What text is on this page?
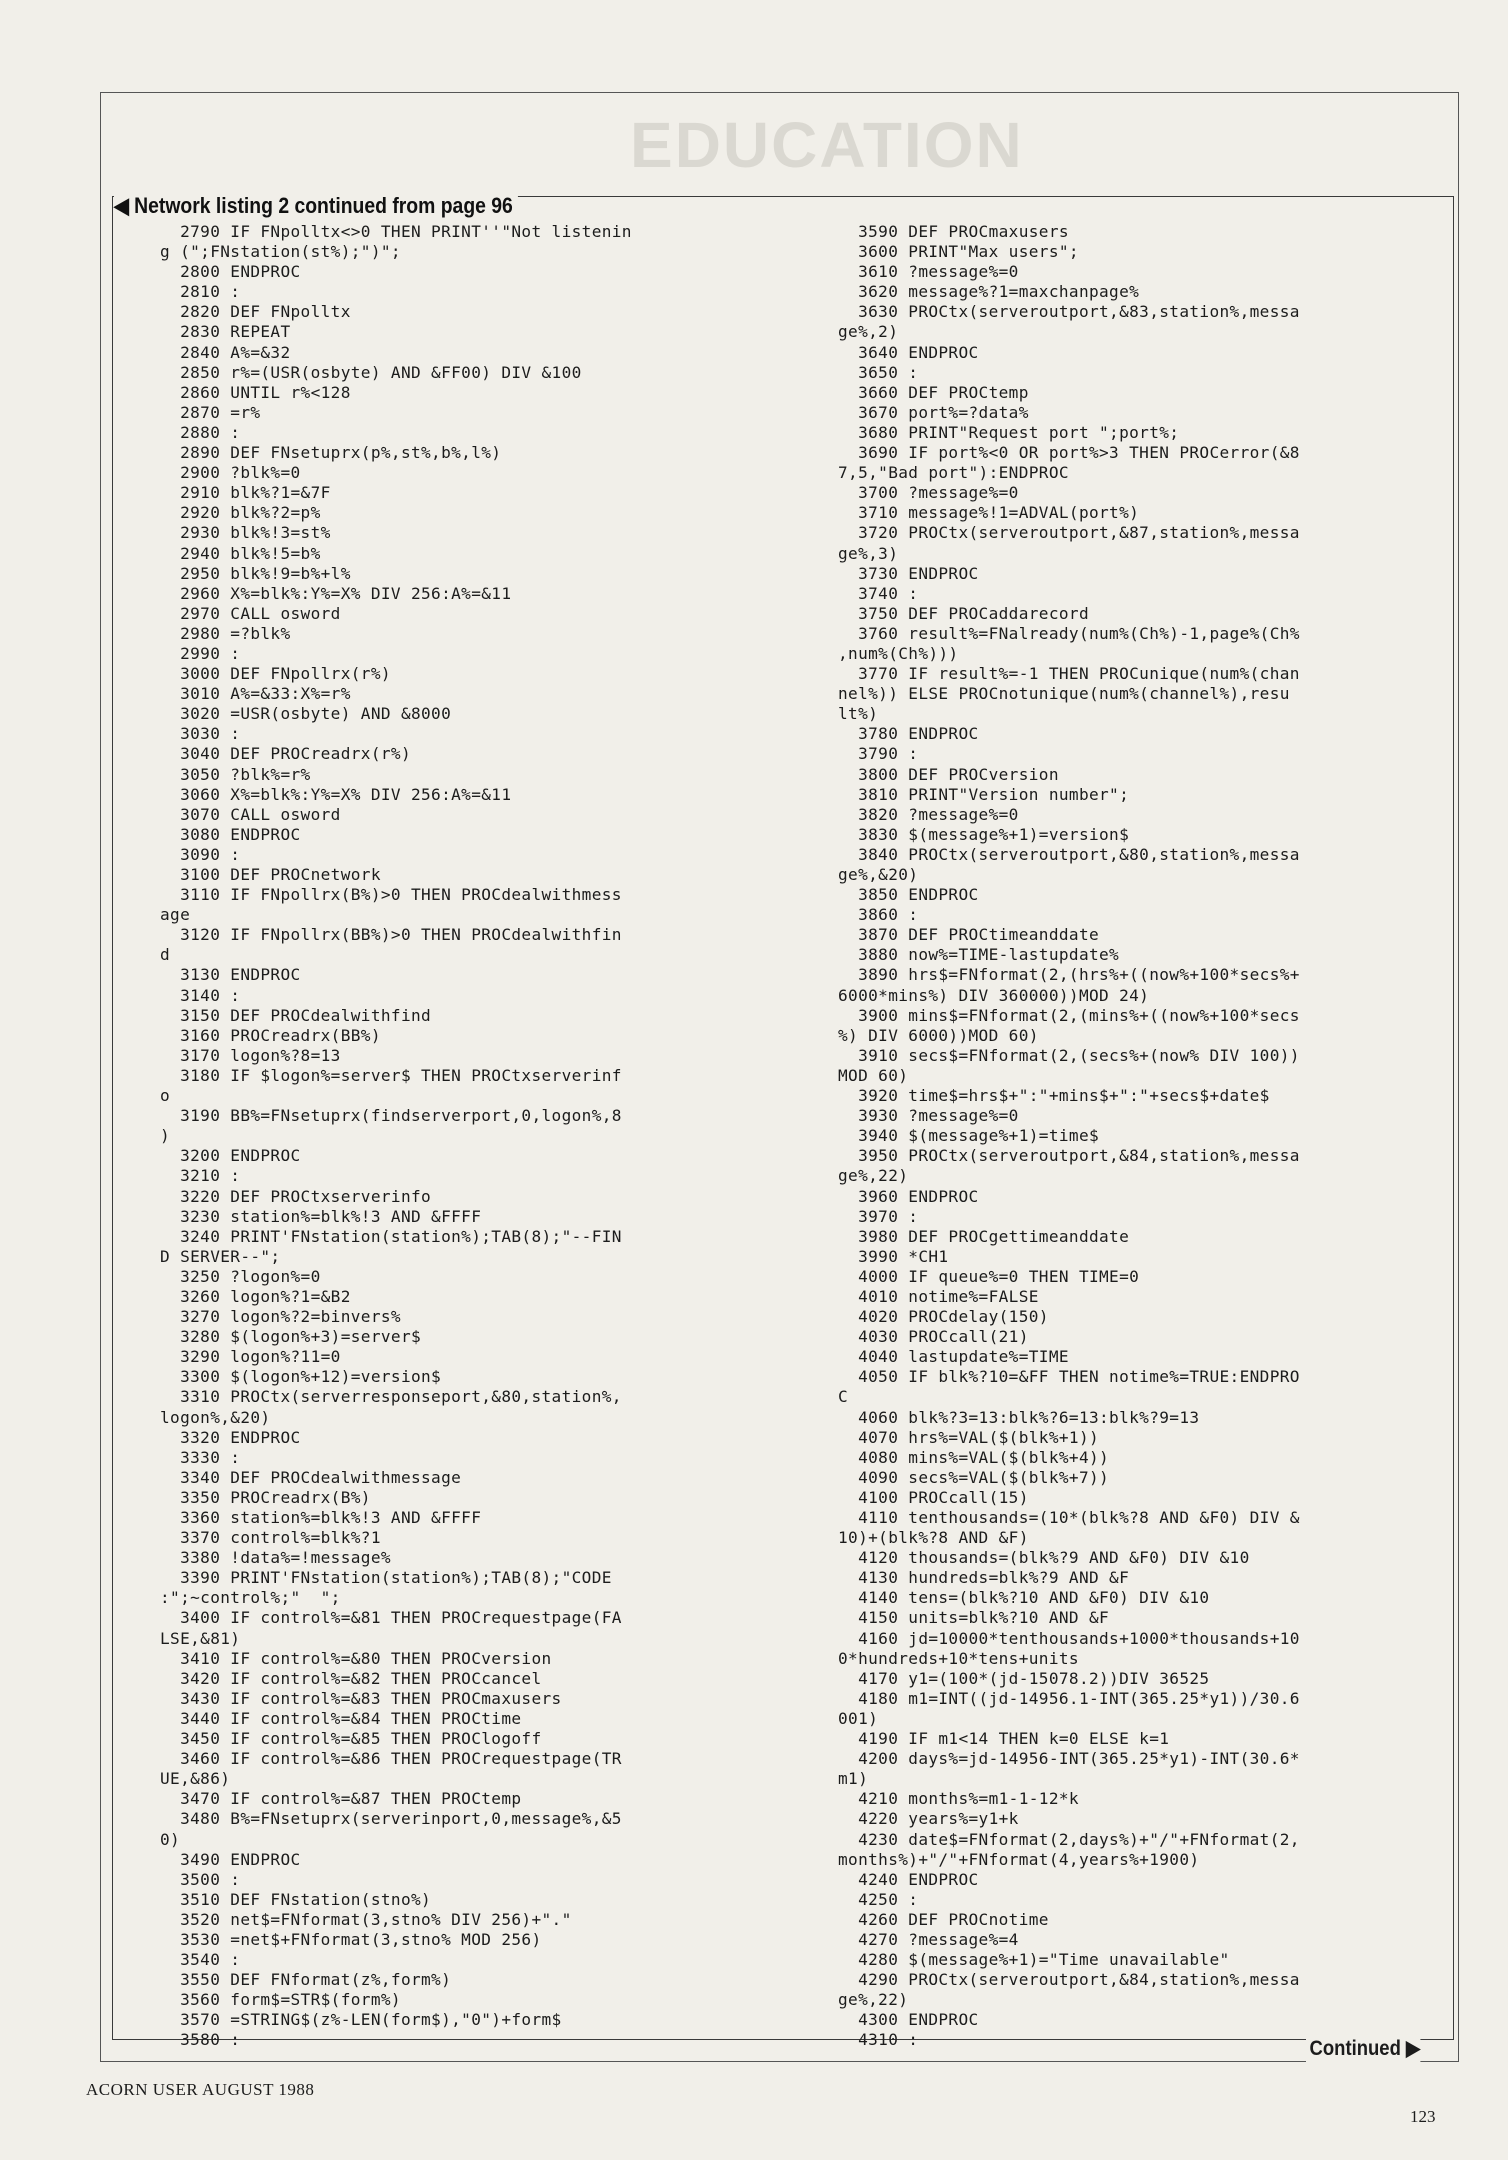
EDUCATION
◀ Network listing 2 continued from page 96
2790 IF FNpolltx<>0 THEN PRINT''"Not listenin
g (";FNstation(st%);")";
2800 ENDPROC
2810 :
2820 DEF FNpolltx
2830 REPEAT
2840 A%=&32
2850 r%=(USR(osbyte) AND &FF00) DIV &100
2860 UNTIL r%<128
2870 =r%
2880 :
2890 DEF FNsetuprx(p%,st%,b%,l%)
2900 ?blk%=0
2910 blk%?1=&7F
2920 blk%?2=p%
2930 blk%!3=st%
2940 blk%!5=b%
2950 blk%!9=b%+l%
2960 X%=blk%:Y%=X% DIV 256:A%=&11
2970 CALL osword
2980 =?blk%
2990 :
3000 DEF FNpollrx(r%)
3010 A%=&33:X%=r%
3020 =USR(osbyte) AND &8000
3030 :
3040 DEF PROCreadrx(r%)
3050 ?blk%=r%
3060 X%=blk%:Y%=X% DIV 256:A%=&11
3070 CALL osword
3080 ENDPROC
3090 :
3100 DEF PROCnetwork
3110 IF FNpollrx(B%)>0 THEN PROCdealwithmess
age
3120 IF FNpollrx(BB%)>0 THEN PROCdealwithfin
d
3130 ENDPROC
3140 :
3150 DEF PROCdealwithfind
3160 PROCreadrx(BB%)
3170 logon%?8=13
3180 IF $logon%=server$ THEN PROCtxserverinf
o
3190 BB%=FNsetuprx(findserverport,0,logon%,8
)
3200 ENDPROC
3210 :
3220 DEF PROCtxserverinfo
3230 station%=blk%!3 AND &FFFF
3240 PRINT'FNstation(station%);TAB(8);"--FIN
D SERVER--";
3250 ?logon%=0
3260 logon%?1=&B2
3270 logon%?2=binvers%
3280 $(logon%+3)=server$
3290 logon%?11=0
3300 $(logon%+12)=version$
3310 PROCtx(serverresponseport,&80,station%,
logon%,&20)
3320 ENDPROC
3330 :
3340 DEF PROCdealwithmessage
3350 PROCreadrx(B%)
3360 station%=blk%!3 AND &FFFF
3370 control%=blk%?1
3380 !data%=!message%
3390 PRINT'FNstation(station%);TAB(8);"CODE
:";~control%;"  ";
3400 IF control%=&81 THEN PROCrequestpage(FA
LSE,&81)
3410 IF control%=&80 THEN PROCversion
3420 IF control%=&82 THEN PROCcancel
3430 IF control%=&83 THEN PROCmaxusers
3440 IF control%=&84 THEN PROCtime
3450 IF control%=&85 THEN PROClogoff
3460 IF control%=&86 THEN PROCrequestpage(TR
UE,&86)
3470 IF control%=&87 THEN PROCtemp
3480 B%=FNsetuprx(serverinport,0,message%,&5
0)
3490 ENDPROC
3500 :
3510 DEF FNstation(stno%)
3520 net$=FNformat(3,stno% DIV 256)+"."
3530 =net$+FNformat(3,stno% MOD 256)
3540 :
3550 DEF FNformat(z%,form%)
3560 form$=STR$(form%)
3570 =STRING$(z%-LEN(form$),"0")+form$
3580 :
3590 DEF PROCmaxusers
3600 PRINT"Max users";
3610 ?message%=0
3620 message%?1=maxchanpage%
3630 PROCtx(serveroutport,&83,station%,messa
ge%,2)
3640 ENDPROC
3650 :
3660 DEF PROCtemp
3670 port%=?data%
3680 PRINT"Request port ";port%;
3690 IF port%<0 OR port%>3 THEN PROCerror(&8
7,5,"Bad port"):ENDPROC
3700 ?message%=0
3710 message%!1=ADVAL(port%)
3720 PROCtx(serveroutport,&87,station%,messa
ge%,3)
3730 ENDPROC
3740 :
3750 DEF PROCaddarecord
3760 result%=FNalready(num%(Ch%)-1,page%(Ch%
,num%(Ch%)))
3770 IF result%=-1 THEN PROCunique(num%(chan
nel%)) ELSE PROCnotunique(num%(channel%),resu
lt%)
3780 ENDPROC
3790 :
3800 DEF PROCversion
3810 PRINT"Version number";
3820 ?message%=0
3830 $(message%+1)=version$
3840 PROCtx(serveroutport,&80,station%,messa
ge%,&20)
3850 ENDPROC
3860 :
3870 DEF PROCtimeanddate
3880 now%=TIME-lastupdate%
3890 hrs$=FNformat(2,(hrs%+((now%+100*secs%+
6000*mins%) DIV 360000))MOD 24)
3900 mins$=FNformat(2,(mins%+((now%+100*secs
%) DIV 6000))MOD 60)
3910 secs$=FNformat(2,(secs%+(now% DIV 100))
MOD 60)
3920 time$=hrs$+":"+mins$+":"+secs$+date$
3930 ?message%=0
3940 $(message%+1)=time$
3950 PROCtx(serveroutport,&84,station%,messa
ge%,22)
3960 ENDPROC
3970 :
3980 DEF PROCgettimeanddate
3990 *CH1
4000 IF queue%=0 THEN TIME=0
4010 notime%=FALSE
4020 PROCdelay(150)
4030 PROCcall(21)
4040 lastupdate%=TIME
4050 IF blk%?10=&FF THEN notime%=TRUE:ENDPRO
C
4060 blk%?3=13:blk%?6=13:blk%?9=13
4070 hrs%=VAL($(blk%+1))
4080 mins%=VAL($(blk%+4))
4090 secs%=VAL($(blk%+7))
4100 PROCcall(15)
4110 tenthousands=(10*(blk%?8 AND &F0) DIV &
10)+(blk%?8 AND &F)
4120 thousands=(blk%?9 AND &F0) DIV &10
4130 hundreds=blk%?9 AND &F
4140 tens=(blk%?10 AND &F0) DIV &10
4150 units=blk%?10 AND &F
4160 jd=10000*tenthousands+1000*thousands+10
0*hundreds+10*tens+units
4170 y1=(100*(jd-15078.2))DIV 36525
4180 m1=INT((jd-14956.1-INT(365.25*y1))/30.6
001)
4190 IF m1<14 THEN k=0 ELSE k=1
4200 days%=jd-14956-INT(365.25*y1)-INT(30.6*
m1)
4210 months%=m1-1-12*k
4220 years%=y1+k
4230 date$=FNformat(2,days%)+"/"+FNformat(2,
months%)+"/"+FNformat(4,years%+1900)
4240 ENDPROC
4250 :
4260 DEF PROCnotime
4270 ?message%=4
4280 $(message%+1)="Time unavailable"
4290 PROCtx(serveroutport,&84,station%,messa
ge%,22)
4300 ENDPROC
4310 :	Continued ▶
ACORN USER AUGUST 1988
123
